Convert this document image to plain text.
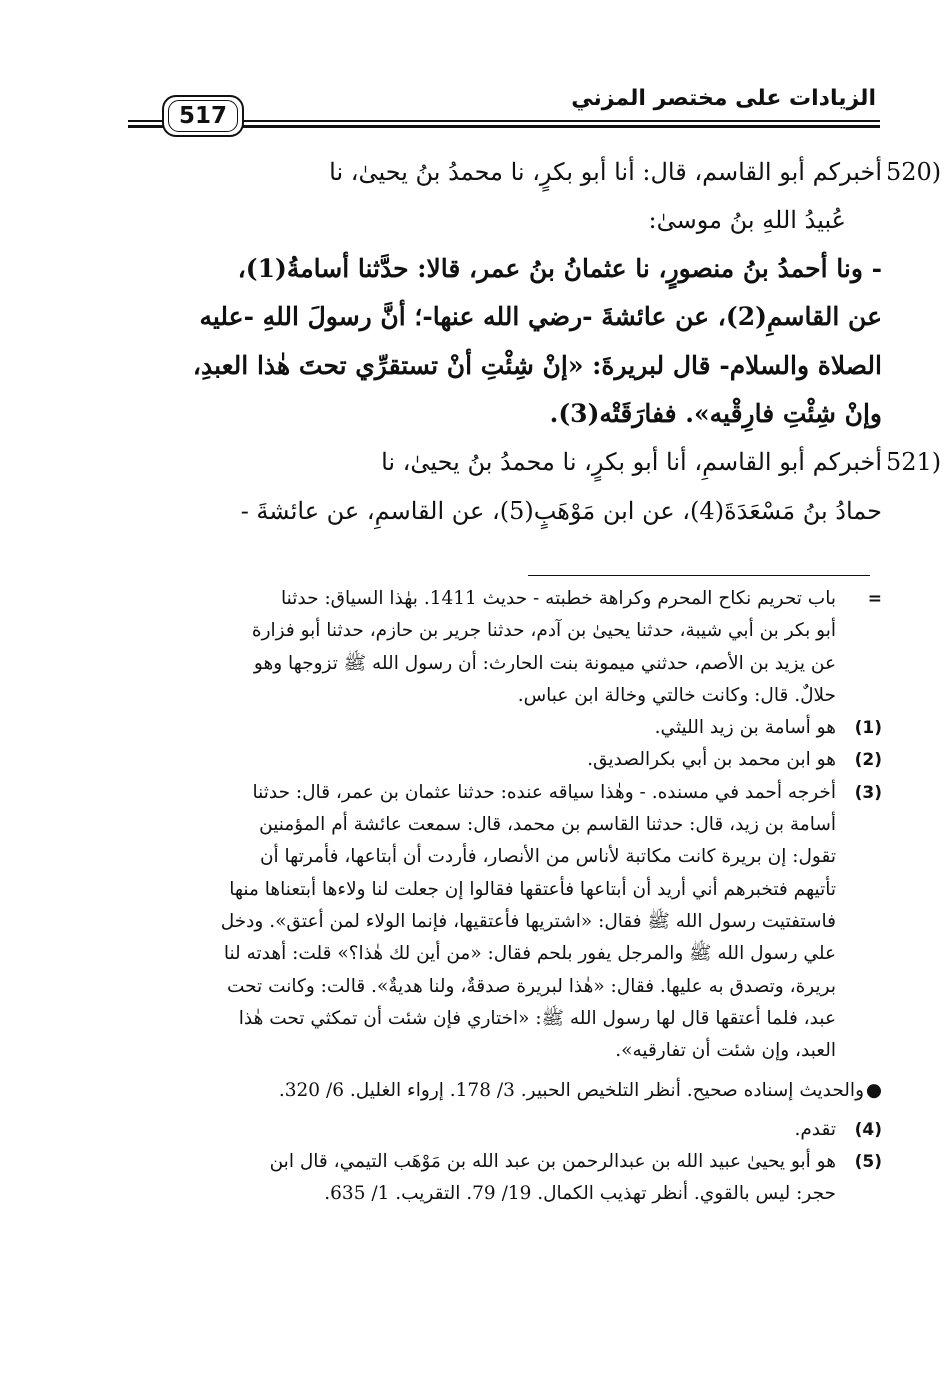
الزيادات على مختصر المزني
517
520)
أخبركم أبو القاسم، قال: أنا أبو بكرٍ، نا محمدُ بنُ يحيىٰ، نا
عُبيدُ اللهِ بنُ موسىٰ:
- ونا أحمدُ بنُ منصورٍ، نا عثمانُ بنُ عمر، قالا: حدَّثنا أسامةُ(1)،
عن القاسمِ(2)، عن عائشةَ -رضي الله عنها-؛ أنَّ رسولَ اللهِ -عليه
الصلاة والسلام- قال لبريرةَ: «إنْ شِئْتِ أنْ تستقرِّي تحتَ هٰذا العبدِ،
وإنْ شِئْتِ فارِقْيه». ففارَقَتْه(3).
521)
أخبركم أبو القاسمِ، أنا أبو بكرٍ، نا محمدُ بنُ يحيىٰ، نا
حمادُ بنُ مَسْعَدَةَ(4)، عن ابن مَوْهَبٍ(5)، عن القاسمِ، عن عائشةَ -
=
باب تحريم نكاح المحرم وكراهة خطبته - حديث 1411. بهٰذا السياق: حدثنا
أبو بكر بن أبي شيبة، حدثنا يحيىٰ بن آدم، حدثنا جرير بن حازم، حدثنا أبو فزارة
عن يزيد بن الأصم، حدثني ميمونة بنت الحارث: أن رسول الله ﷺ تزوجها وهو
حلالٌ. قال: وكانت خالتي وخالة ابن عباس.
(1)
هو أسامة بن زيد الليثي.
(2)
هو ابن محمد بن أبي بكرالصديق.
(3)
أخرجه أحمد في مسنده. - وهٰذا سياقه عنده: حدثنا عثمان بن عمر، قال: حدثنا
أسامة بن زيد، قال: حدثنا القاسم بن محمد، قال: سمعت عائشة أم المؤمنين
تقول: إن بريرة كانت مكاتبة لأناس من الأنصار، فأردت أن أبتاعها، فأمرتها أن
تأتيهم فتخبرهم أني أريد أن أبتاعها فأعتقها فقالوا إن جعلت لنا ولاءها أبتعناها منها
فاستفتيت رسول الله ﷺ فقال: «اشتريها فأعتقيها، فإنما الولاء لمن أعتق». ودخل
علي رسول الله ﷺ والمرجل يفور بلحم فقال: «من أين لك هٰذا؟» قلت: أهدته لنا
بريرة، وتصدق به عليها. فقال: «هٰذا لبريرة صدقةٌ، ولنا هديةٌ». قالت: وكانت تحت
عبد، فلما أعتقها قال لها رسول الله ﷺ: «اختاري فإن شئت أن تمكثي تحت هٰذا
العبد، وإن شئت أن تفارقيه».
●
والحديث إسناده صحيح. أنظر التلخيص الحبير. 3/ 178. إرواء الغليل. 6/ 320.
(4)
تقدم.
(5)
هو أبو يحيىٰ عبيد الله بن عبدالرحمن بن عبد الله بن مَوْهَب التيمي، قال ابن
حجر: ليس بالقوي. أنظر تهذيب الكمال. 19/ 79. التقريب. 1/ 635.
